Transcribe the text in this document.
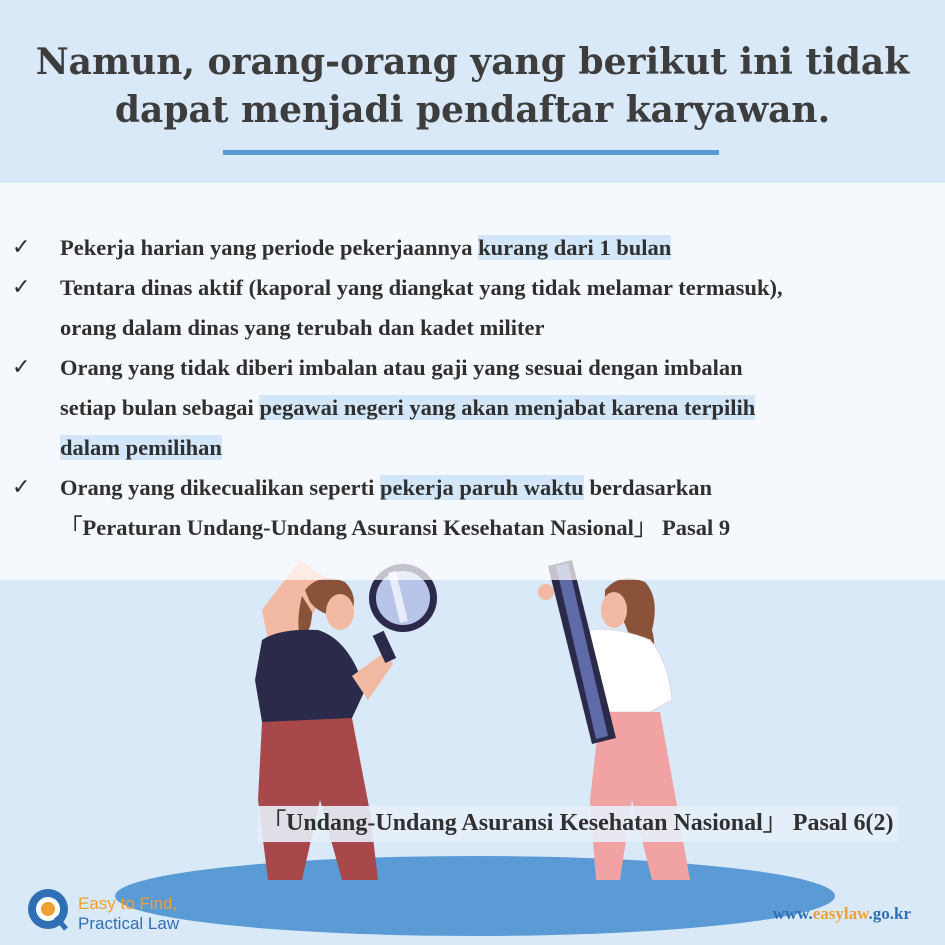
Namun, orang-orang yang berikut ini tidak
dapat menjadi pendaftar karyawan.
✓ Pekerja harian yang periode pekerjaannya kurang dari 1 bulan
✓ Tentara dinas aktif (kaporal yang diangkat yang tidak melamar termasuk),
orang dalam dinas yang terubah dan kadet militer
✓ Orang yang tidak diberi imbalan atau gaji yang sesuai dengan imbalan
setiap bulan sebagai pegawai negeri yang akan menjabat karena terpilih
dalam pemilihan
✓ Orang yang dikecualikan seperti pekerja paruh waktu berdasarkan
「Peraturan Undang-Undang Asuransi Kesehatan Nasional」 Pasal 9
「Undang-Undang Asuransi Kesehatan Nasional」 Pasal 6(2)
Easy to Find,
Practical Law
www.easylaw.go.kr
